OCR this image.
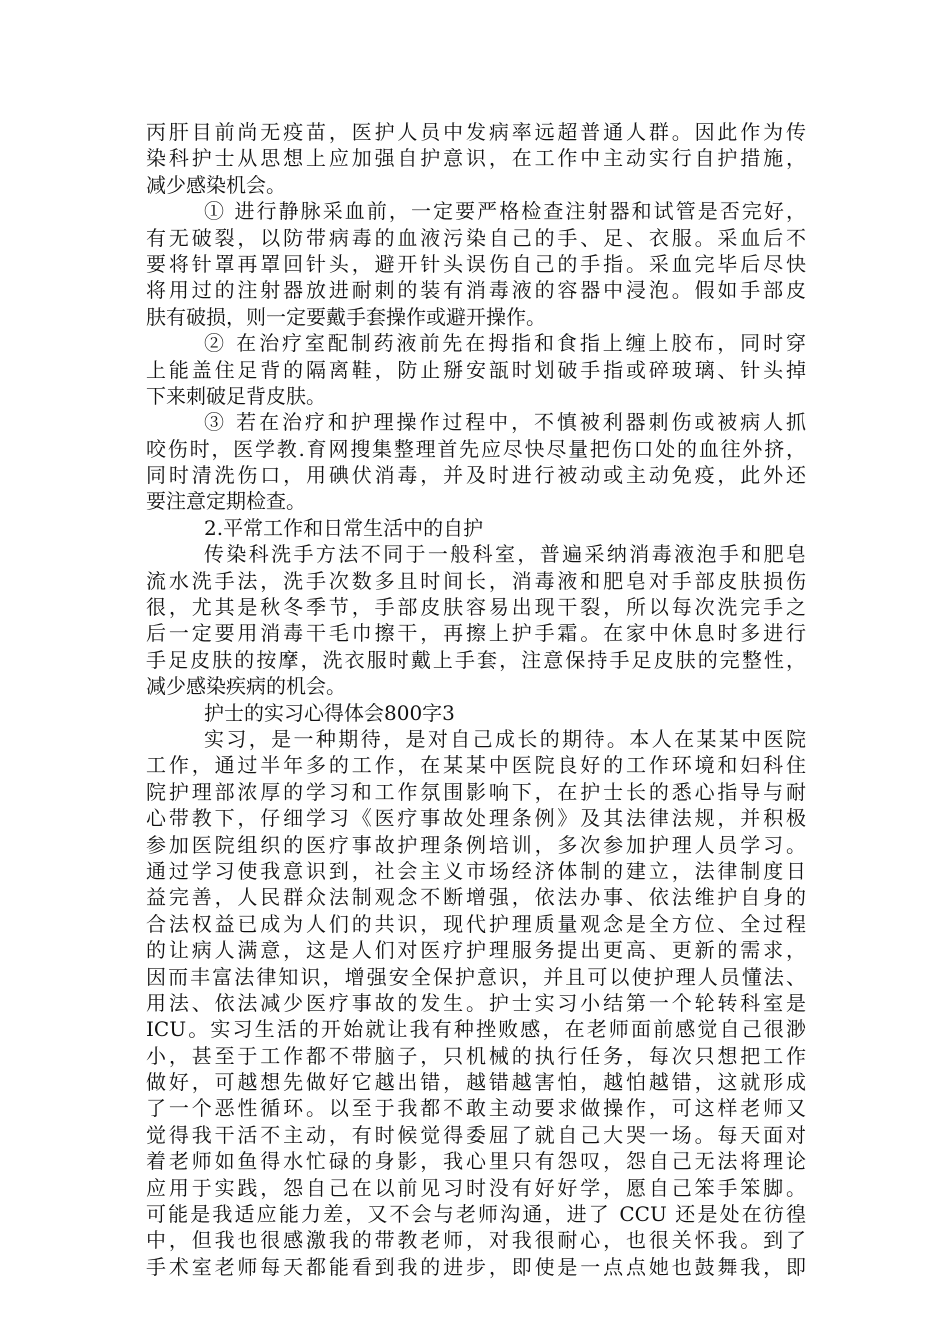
丙肝目前尚无疫苗，医护人员中发病率远超普通人群。因此作为传
染科护士从思想上应加强自护意识，在工作中主动实行自护措施，
减少感染机会。
① 进行静脉采血前，一定要严格检查注射器和试管是否完好，
有无破裂，以防带病毒的血液污染自己的手、足、衣服。采血后不
要将针罩再罩回针头，避开针头误伤自己的手指。采血完毕后尽快
将用过的注射器放进耐刺的装有消毒液的容器中浸泡。假如手部皮
肤有破损，则一定要戴手套操作或避开操作。
② 在治疗室配制药液前先在拇指和食指上缠上胶布，同时穿
上能盖住足背的隔离鞋，防止掰安瓿时划破手指或碎玻璃、针头掉
下来刺破足背皮肤。
③ 若在治疗和护理操作过程中，不慎被利器刺伤或被病人抓
咬伤时，医学教.育网搜集整理首先应尽快尽量把伤口处的血往外挤，
同时清洗伤口，用碘伏消毒，并及时进行被动或主动免疫，此外还
要注意定期检查。
2.平常工作和日常生活中的自护
传染科洗手方法不同于一般科室，普遍采纳消毒液泡手和肥皂
流水洗手法，洗手次数多且时间长，消毒液和肥皂对手部皮肤损伤
很，尤其是秋冬季节，手部皮肤容易出现干裂，所以每次洗完手之
后一定要用消毒干毛巾擦干，再擦上护手霜。在家中休息时多进行
手足皮肤的按摩，洗衣服时戴上手套，注意保持手足皮肤的完整性，
减少感染疾病的机会。
护士的实习心得体会800字3
实习，是一种期待，是对自己成长的期待。本人在某某中医院
工作，通过半年多的工作，在某某中医院良好的工作环境和妇科住
院护理部浓厚的学习和工作氛围影响下，在护士长的悉心指导与耐
心带教下，仔细学习《医疗事故处理条例》及其法律法规，并积极
参加医院组织的医疗事故护理条例培训，多次参加护理人员学习。
通过学习使我意识到，社会主义市场经济体制的建立，法律制度日
益完善，人民群众法制观念不断增强，依法办事、依法维护自身的
合法权益已成为人们的共识，现代护理质量观念是全方位、全过程
的让病人满意，这是人们对医疗护理服务提出更高、更新的需求，
因而丰富法律知识，增强安全保护意识，并且可以使护理人员懂法、
用法、依法减少医疗事故的发生。护士实习小结第一个轮转科室是
ICU。实习生活的开始就让我有种挫败感，在老师面前感觉自己很渺
小，甚至于工作都不带脑子，只机械的执行任务，每次只想把工作
做好，可越想先做好它越出错，越错越害怕，越怕越错，这就形成
了一个恶性循环。以至于我都不敢主动要求做操作，可这样老师又
觉得我干活不主动，有时候觉得委屈了就自己大哭一场。每天面对
着老师如鱼得水忙碌的身影，我心里只有怨叹，怨自己无法将理论
应用于实践，怨自己在以前见习时没有好好学，愿自己笨手笨脚。
可能是我适应能力差，又不会与老师沟通，进了 CCU 还是处在彷徨
中，但我也很感激我的带教老师，对我很耐心，也很关怀我。到了
手术室老师每天都能看到我的进步，即使是一点点她也鼓舞我，即
